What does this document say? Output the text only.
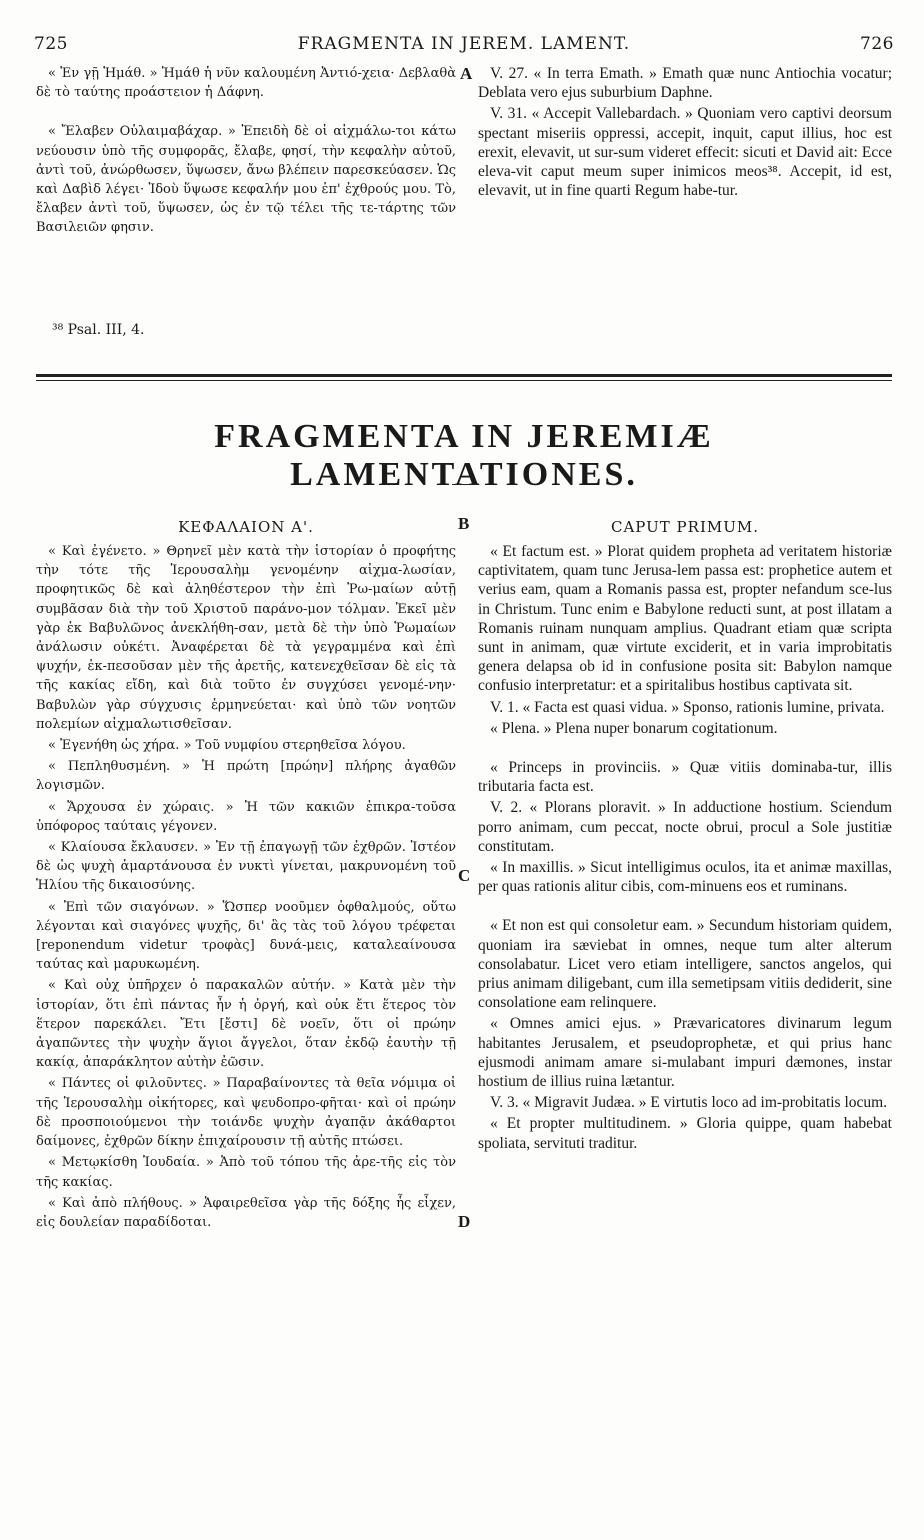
725	FRAGMENTA IN JEREM. LAMENT.	726

« Ἐν γῇ Ἡμάθ. » Ἡμάθ ἡ νῦν καλουμένη Ἀντιό-χεια· Δεβλαθὰ δὲ τὸ ταύτης προάστειον ἡ Δάφνη.

« Ἔλαβεν Οὐλαιμαβάχαρ. » Ἐπειδὴ δὲ οἱ αἰχμάλω-τοι κάτω νεύουσιν ὑπὸ τῆς συμφορᾶς, ἔλαβε, φησί, τὴν κεφαλὴν αὐτοῦ, ἀντὶ τοῦ, ἀνώρθωσεν, ὕψωσεν, ἄνω βλέπειν παρεσκεύασεν. Ὡς καὶ Δαβὶδ λέγει· Ἰδοὺ ὕψωσε κεφαλήν μου ἐπ' ἐχθρούς μου. Τὸ, ἔλαβεν ἀντὶ τοῦ, ὕψωσεν, ὡς ἐν τῷ τέλει τῆς τε-τάρτης τῶν Βασιλειῶν φησιν.

A	V. 27. « In terra Emath. » Emath quæ nunc Antiochia vocatur; Deblata vero ejus suburbium Daphne.

V. 31. « Accepit Vallebardach. » Quoniam vero captivi deorsum spectant miseriis oppressi, accepit, inquit, caput illius, hoc est erexit, elevavit, ut sur-sum videret effecit: sicuti et David ait: Ecce eleva-vit caput meum super inimicos meos³⁸. Accepit, id est, elevavit, ut in fine quarti Regum habe-tur.

³⁸ Psal. III, 4.
FRAGMENTA IN JEREMIÆ LAMENTATIONES.
ΚΕΦΑΛΑΙΟΝ Α'.	B	CAPUT PRIMUM.

« Καὶ ἐγένετο. » Θρηνεῖ μὲν κατὰ τὴν ἱστορίαν ὁ προφήτης τὴν τότε τῆς Ἱερουσαλὴμ γενομένην αἰχμα-λωσίαν, προφητικῶς δὲ καὶ ἀληθέστερον τὴν ἐπὶ Ῥω-μαίων αὐτῇ συμβᾶσαν διὰ τὴν τοῦ Χριστοῦ παράνο-μον τόλμαν. Ἐκεῖ μὲν γὰρ ἐκ Βαβυλῶνος ἀνεκλήθη-σαν, μετὰ δὲ τὴν ὑπὸ Ῥωμαίων ἀνάλωσιν οὐκέτι. Ἀναφέρεται δὲ τὰ γεγραμμένα καὶ ἐπὶ ψυχήν, ἐκ-πεσοῦσαν μὲν τῆς ἀρετῆς, κατενεχθεῖσαν δὲ εἰς τὰ τῆς κακίας εἴδη, καὶ διὰ τοῦτο ἐν συγχύσει γενομέ-νην· Βαβυλὼν γὰρ σύγχυσις ἑρμηνεύεται· καὶ ὑπὸ τῶν νοητῶν πολεμίων αἰχμαλωτισθεῖσαν.

« Ἐγενήθη ὡς χήρα. » Τοῦ νυμφίου στερηθεῖσα λόγου.

« Πεπληθυσμένη. » Ἡ πρώτη [πρώην] πλήρης ἀγαθῶν λογισμῶν.

« Ἄρχουσα ἐν χώραις. » Ἡ τῶν κακιῶν ἐπικρα-τοῦσα ὑπόφορος ταύταις γέγονεν.

« Κλαίουσα ἔκλαυσεν. » Ἐν τῇ ἐπαγωγῇ τῶν ἐχθρῶν. Ἰστέον δὲ ὡς ψυχὴ ἁμαρτάνουσα ἐν νυκτὶ γίνεται, μακρυνομένη τοῦ Ἡλίου τῆς δικαιοσύνης.

« Ἐπὶ τῶν σιαγόνων. » Ὥσπερ νοοῦμεν ὀφθαλμούς, οὕτω λέγονται καὶ σιαγόνες ψυχῆς, δι' ἃς τὰς τοῦ λόγου τρέφεται [reponendum videtur τροφὰς] δυνά-μεις, καταλεαίνουσα ταύτας καὶ μαρυκωμένη.

« Καὶ οὐχ ὑπῆρχεν ὁ παρακαλῶν αὐτήν. » Κατὰ μὲν τὴν ἱστορίαν, ὅτι ἐπὶ πάντας ἦν ἡ ὀργή, καὶ οὐκ ἔτι ἕτερος τὸν ἕτερον παρεκάλει. Ἔτι [ἔστι] δὲ νοεῖν, ὅτι οἱ πρώην ἀγαπῶντες τὴν ψυχὴν ἅγιοι ἄγγελοι, ὅταν ἐκδῷ ἑαυτὴν τῇ κακίᾳ, ἀπαράκλητον αὐτὴν ἐῶσιν.

« Πάντες οἱ φιλοῦντες. » Παραβαίνοντες τὰ θεῖα νόμιμα οἱ τῆς Ἱερουσαλὴμ οἰκήτορες, καὶ ψευδοπρο-φῆται· καὶ οἱ πρώην δὲ προσποιούμενοι τὴν τοιάνδε ψυχὴν ἀγαπᾷν ἀκάθαρτοι δαίμονες, ἐχθρῶν δίκην ἐπιχαίρουσιν τῇ αὐτῆς πτώσει.

« Μετῳκίσθη Ἰουδαία. » Ἀπὸ τοῦ τόπου τῆς ἀρε-τῆς εἰς τὸν τῆς κακίας.

« Καὶ ἀπὸ πλήθους. » Ἀφαιρεθεῖσα γὰρ τῆς δόξης ἧς εἶχεν, εἰς δουλείαν παραδίδοται.

C
D

« Et factum est. » Plorat quidem propheta ad veritatem historiæ captivitatem, quam tunc Jerusa-lem passa est: prophetice autem et verius eam, quam a Romanis passa est, propter nefandum sce-lus in Christum. Tunc enim e Babylone reducti sunt, at post illatam a Romanis ruinam nunquam amplius. Quadrant etiam quæ scripta sunt in animam, quæ virtute exciderit, et in varia improbitatis genera delapsa ob id in confusione posita sit: Babylon namque confusio interpretatur: et a spiritalibus hostibus captivata sit.

V. 1. « Facta est quasi vidua. » Sponso, rationis lumine, privata.

« Plena. » Plena nuper bonarum cogitationum.

« Princeps in provinciis. » Quæ vitiis dominaba-tur, illis tributaria facta est.

V. 2. « Plorans ploravit. » In adductione hostium. Sciendum porro animam, cum peccat, nocte obrui, procul a Sole justitiæ constitutam.

« In maxillis. » Sicut intelligimus oculos, ita et animæ maxillas, per quas rationis alitur cibis, com-minuens eos et ruminans.

« Et non est qui consoletur eam. » Secundum historiam quidem, quoniam ira sæviebat in omnes, neque tum alter alterum consolabatur. Licet vero etiam intelligere, sanctos angelos, qui prius animam diligebant, cum illa semetipsam vitiis dediderit, sine consolatione eam relinquere.

« Omnes amici ejus. » Prævaricatores divinarum legum habitantes Jerusalem, et pseudoprophetæ, et qui prius hanc ejusmodi animam amare si-mulabant impuri dæmones, instar hostium de illius ruina lætantur.

V. 3. « Migravit Judæa. » E virtutis loco ad im-probitatis locum.

« Et propter multitudinem. » Gloria quippe, quam habebat spoliata, servituti traditur.
